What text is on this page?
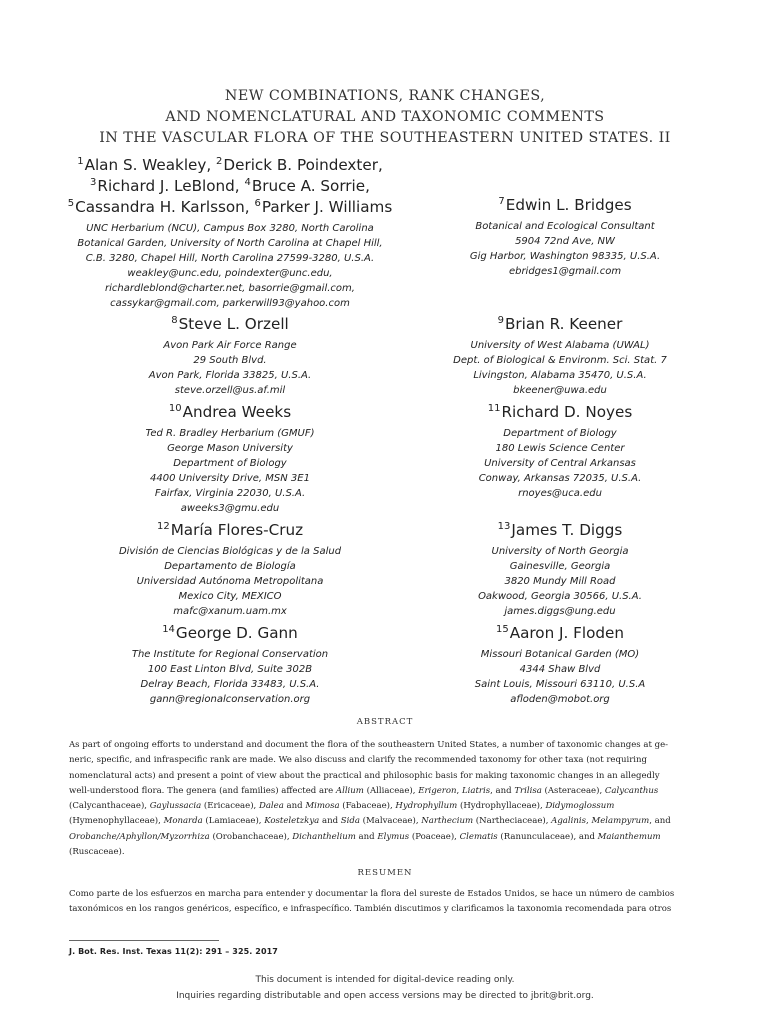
NEW COMBINATIONS, RANK CHANGES,
AND NOMENCLATURAL AND TAXONOMIC COMMENTS
IN THE VASCULAR FLORA OF THE SOUTHEASTERN UNITED STATES. II
$^1$Alan S. Weakley, $^2$Derick B. Poindexter,
$^3$Richard J. LeBlond, $^4$Bruce A. Sorrie,
$^5$Cassandra H. Karlsson, $^6$Parker J. Williams
UNC Herbarium (NCU), Campus Box 3280, North Carolina
Botanical Garden, University of North Carolina at Chapel Hill,
C.B. 3280, Chapel Hill, North Carolina 27599-3280, U.S.A.
weakley@unc.edu, poindexter@unc.edu,
richardleblond@charter.net, basorrie@gmail.com,
cassykar@gmail.com, parkerwill93@yahoo.com
$^7$Edwin L. Bridges
Botanical and Ecological Consultant
5904 72nd Ave, NW
Gig Harbor, Washington 98335, U.S.A.
ebridges1@gmail.com
$^8$Steve L. Orzell
Avon Park Air Force Range
29 South Blvd.
Avon Park, Florida 33825, U.S.A.
steve.orzell@us.af.mil
$^9$Brian R. Keener
University of West Alabama (UWAL)
Dept. of Biological & Environm. Sci. Stat. 7
Livingston, Alabama 35470, U.S.A.
bkeener@uwa.edu
$^{10}$Andrea Weeks
Ted R. Bradley Herbarium (GMUF)
George Mason University
Department of Biology
4400 University Drive, MSN 3E1
Fairfax, Virginia 22030, U.S.A.
aweeks3@gmu.edu
$^{11}$Richard D. Noyes
Department of Biology
180 Lewis Science Center
University of Central Arkansas
Conway, Arkansas 72035, U.S.A.
rnoyes@uca.edu
$^{12}$María Flores-Cruz
División de Ciencias Biológicas y de la Salud
Departamento de Biología
Universidad Autónoma Metropolitana
Mexico City, MEXICO
mafc@xanum.uam.mx
$^{13}$James T. Diggs
University of North Georgia
Gainesville, Georgia
3820 Mundy Mill Road
Oakwood, Georgia 30566, U.S.A.
james.diggs@ung.edu
$^{14}$George D. Gann
The Institute for Regional Conservation
100 East Linton Blvd, Suite 302B
Delray Beach, Florida 33483, U.S.A.
gann@regionalconservation.org
$^{15}$Aaron J. Floden
Missouri Botanical Garden (MO)
4344 Shaw Blvd
Saint Louis, Missouri 63110, U.S.A
afloden@mobot.org
ABSTRACT
As part of ongoing efforts to understand and document the flora of the southeastern United States, a number of taxonomic changes at ge-
neric, specific, and infraspecific rank are made. We also discuss and clarify the recommended taxonomy for other taxa (not requiring
nomenclatural acts) and present a point of view about the practical and philosophic basis for making taxonomic changes in an allegedly
well-understood flora. The genera (and families) affected are Allium (Alliaceae), Erigeron, Liatris, and Trilisa (Asteraceae), Calycanthus
(Calycanthaceae), Gaylussacia (Ericaceae), Dalea and Mimosa (Fabaceae), Hydrophyllum (Hydrophyllaceae), Didymoglossum
(Hymenophyllaceae), Monarda (Lamiaceae), Kosteletzkya and Sida (Malvaceae), Narthecium (Nartheciaceae), Agalinis, Melampyrum, and
Orobanche/Aphyllon/Myzorrhiza (Orobanchaceae), Dichanthelium and Elymus (Poaceae), Clematis (Ranunculaceae), and Maianthemum
(Ruscaceae).
RESUMEN
Como parte de los esfuerzos en marcha para entender y documentar la flora del sureste de Estados Unidos, se hace un número de cambios
taxonómicos en los rangos genéricos, específico, e infraspecífico. También discutimos y clarificamos la taxonomia recomendada para otros
J. Bot. Res. Inst. Texas 11(2): 291 – 325. 2017
This document is intended for digital-device reading only.
Inquiries regarding distributable and open access versions may be directed to jbrit@brit.org.
